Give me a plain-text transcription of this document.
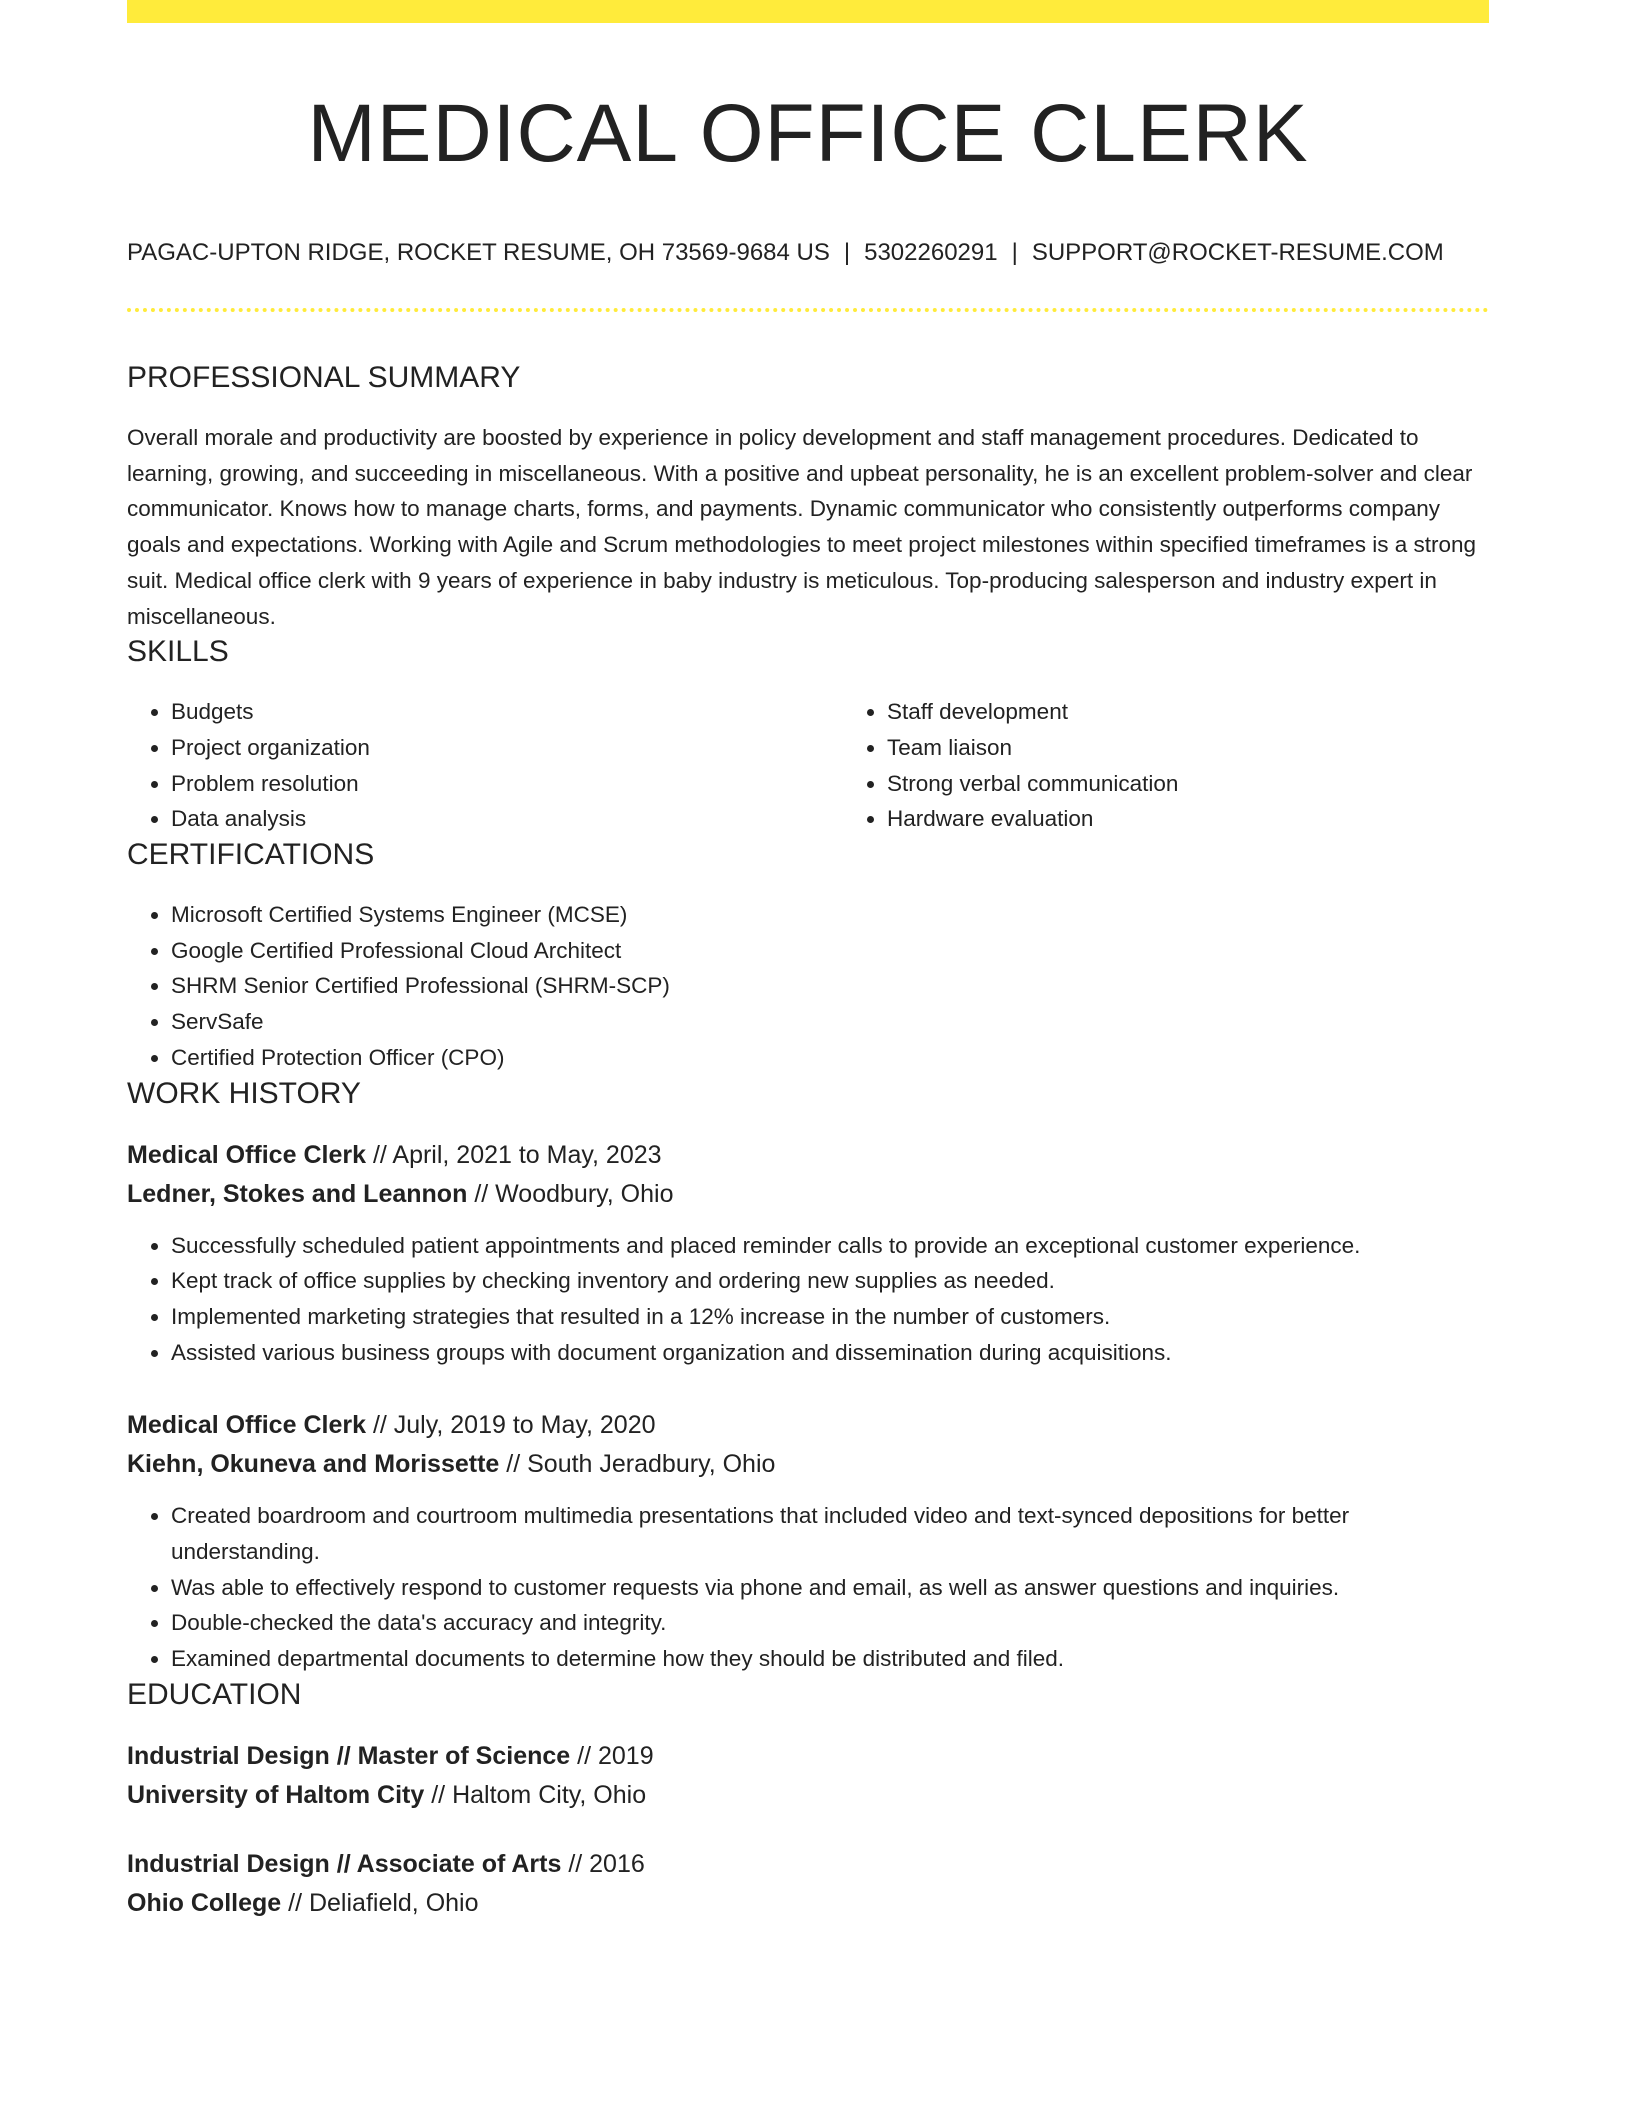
MEDICAL OFFICE CLERK
PAGAC-UPTON RIDGE, ROCKET RESUME, OH 73569-9684 US | 5302260291 | SUPPORT@ROCKET-RESUME.COM
PROFESSIONAL SUMMARY

Overall morale and productivity are boosted by experience in policy development and staff management procedures. Dedicated to learning, growing, and succeeding in miscellaneous. With a positive and upbeat personality, he is an excellent problem-solver and clear communicator. Knows how to manage charts, forms, and payments. Dynamic communicator who consistently outperforms company goals and expectations. Working with Agile and Scrum methodologies to meet project milestones within specified timeframes is a strong suit. Medical office clerk with 9 years of experience in baby industry is meticulous. Top-producing salesperson and industry expert in miscellaneous.

SKILLS
• Budgets
• Project organization
• Problem resolution
• Data analysis
• Staff development
• Team liaison
• Strong verbal communication
• Hardware evaluation
CERTIFICATIONS
• Microsoft Certified Systems Engineer (MCSE)
• Google Certified Professional Cloud Architect
• SHRM Senior Certified Professional (SHRM-SCP)
• ServSafe
• Certified Protection Officer (CPO)
WORK HISTORY
Medical Office Clerk // April, 2021 to May, 2023
Ledner, Stokes and Leannon // Woodbury, Ohio
• Successfully scheduled patient appointments and placed reminder calls to provide an exceptional customer experience.
• Kept track of office supplies by checking inventory and ordering new supplies as needed.
• Implemented marketing strategies that resulted in a 12% increase in the number of customers.
• Assisted various business groups with document organization and dissemination during acquisitions.
Medical Office Clerk // July, 2019 to May, 2020
Kiehn, Okuneva and Morissette // South Jeradbury, Ohio
• Created boardroom and courtroom multimedia presentations that included video and text-synced depositions for better understanding.
• Was able to effectively respond to customer requests via phone and email, as well as answer questions and inquiries.
• Double-checked the data's accuracy and integrity.
• Examined departmental documents to determine how they should be distributed and filed.
EDUCATION
Industrial Design // Master of Science // 2019
University of Haltom City // Haltom City, Ohio
Industrial Design // Associate of Arts // 2016
Ohio College // Deliafield, Ohio
